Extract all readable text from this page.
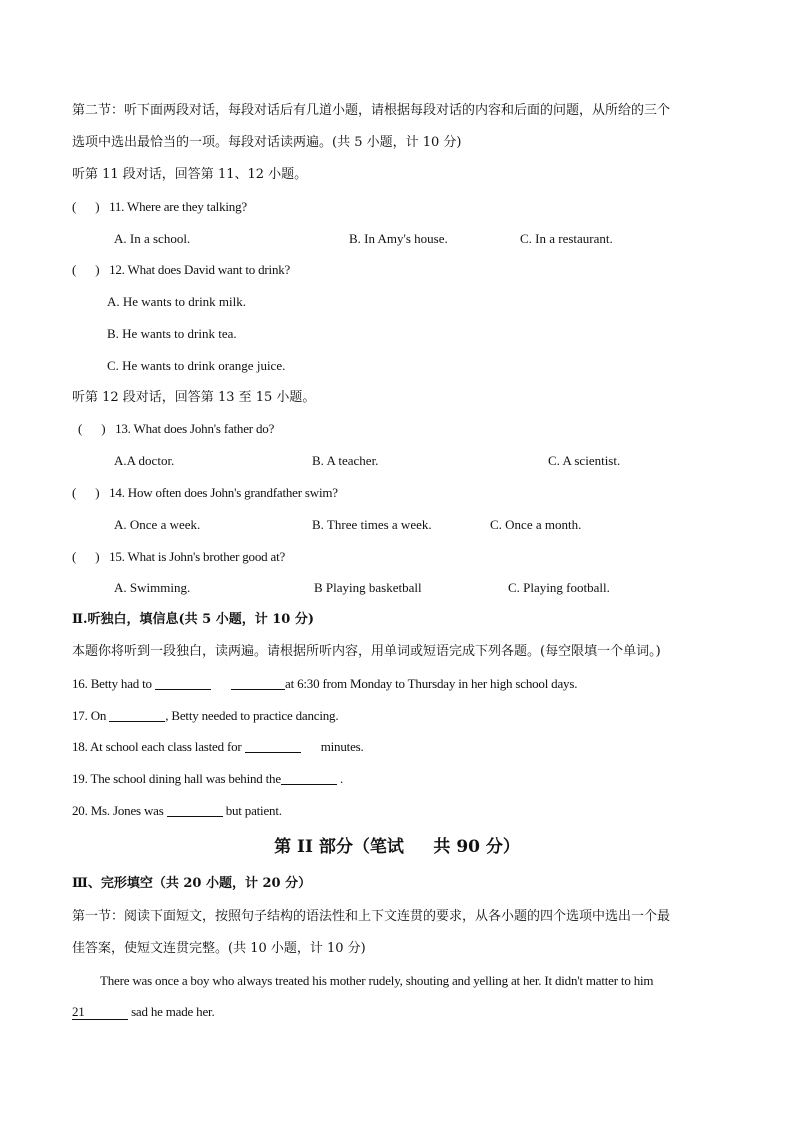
第二节：听下面两段对话，每段对话后有几道小题，请根据每段对话的内容和后面的问题，从所给的三个
选项中选出最恰当的一项。每段对话读两遍。(共 5 小题，计 10 分)
听第 11 段对话，回答第 11、12 小题。
(   ) 11. Where are they talking?
A. In a school.	B. In Amy's house.	C. In a restaurant.
(   ) 12. What does David want to drink?
A. He wants to drink milk.
B. He wants to drink tea.
C. He wants to drink orange juice.
听第 12 段对话，回答第 13 至 15 小题。
(   ) 13. What does John's father do?
A.A doctor.	B. A teacher.	C. A scientist.
(   ) 14. How often does John's grandfather swim?
A. Once a week.	B. Three times a week.	C. Once a month.
(   ) 15. What is John's brother good at?
A. Swimming.	B Playing basketball	C. Playing football.
Ⅱ.听独白，填信息(共 5 小题，计 10 分)
本题你将听到一段独白，读两遍。请根据所听内容，用单词或短语完成下列各题。(每空限填一个单词。)
16. Betty had to	at 6:30 from Monday to Thursday in her high school days.
17. On	, Betty needed to practice dancing.
18. At school each class lasted for	minutes.
19. The school dining hall was behind the	.
20. Ms. Jones was	but patient.
第 II 部分（笔试     共 90 分）
Ⅲ、完形填空（共 20 小题，计 20 分）
第一节：阅读下面短文，按照句子结构的语法性和上下文连贯的要求，从各小题的四个选项中选出一个最
佳答案，使短文连贯完整。(共 10 小题，计 10 分)
There was once a boy who always treated his mother rudely, shouting and yelling at her. It didn't matter to him
21	sad he made her.
